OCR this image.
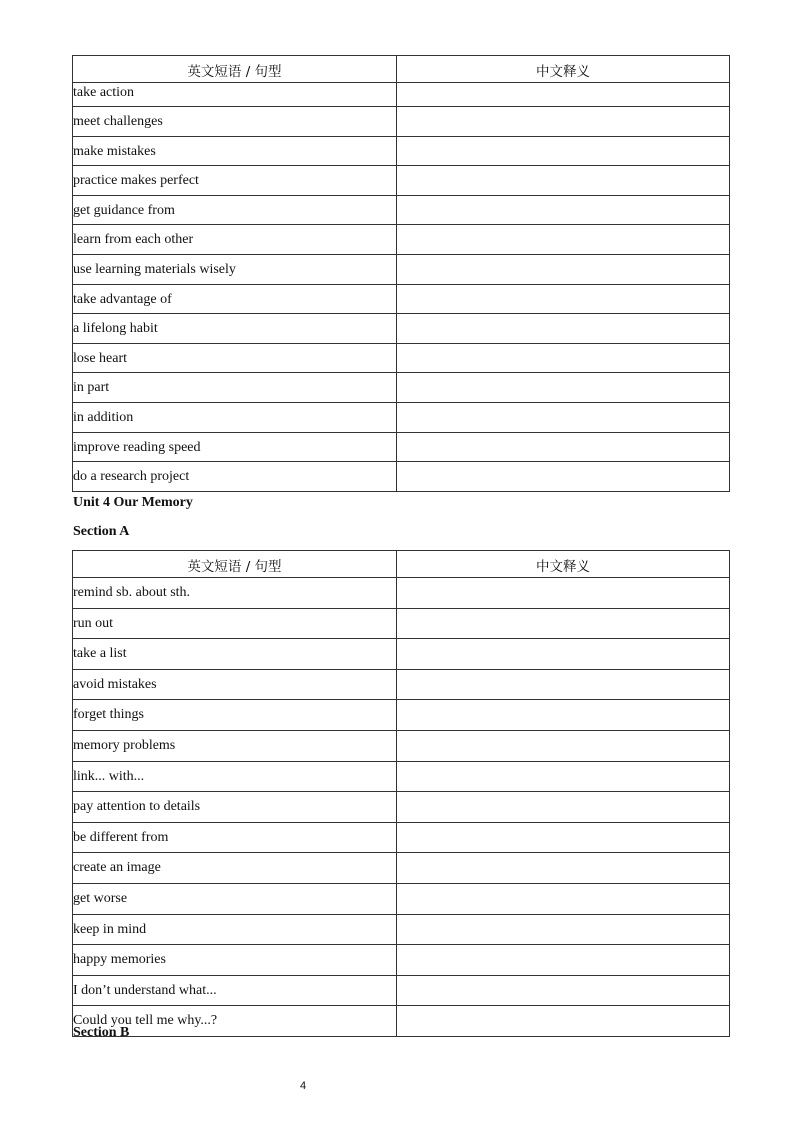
英文短语 / 句型	中文释义
take action	
meet challenges	
make mistakes	
practice makes perfect	
get guidance from	
learn from each other	
use learning materials wisely	
take advantage of	
a lifelong habit	
lose heart	
in part	
in addition	
improve reading speed	
do a research project	

Unit 4 Our Memory

Section A

英文短语 / 句型	中文释义
remind sb. about sth.	
run out	
take a list	
avoid mistakes	
forget things	
memory problems	
link... with...	
pay attention to details	
be different from	
create an image	
get worse	
keep in mind	
happy memories	
I don’t understand what...	
Could you tell me why...?	

Section B

4
